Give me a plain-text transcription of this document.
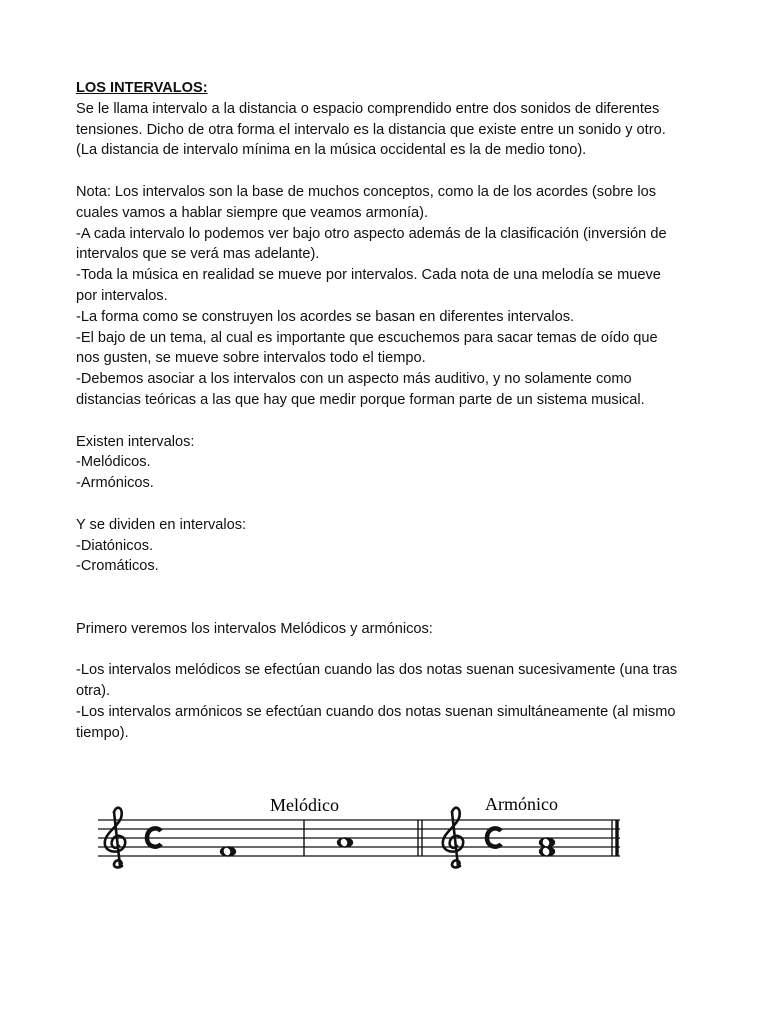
LOS INTERVALOS:
Se le llama intervalo a la distancia o espacio comprendido entre dos sonidos de diferentes
tensiones. Dicho de otra forma el intervalo es la distancia que existe entre un sonido y otro.
(La distancia de intervalo mínima en la música occidental es la de medio tono).
Nota: Los intervalos son la base de muchos conceptos, como la de los acordes (sobre los
cuales vamos a hablar siempre que veamos armonía).
-A cada intervalo lo podemos ver bajo otro aspecto además de la clasificación (inversión de
intervalos que se verá mas adelante).
-Toda la música en realidad se mueve por intervalos. Cada nota de una melodía se mueve
por intervalos.
-La forma como se construyen los acordes se basan en diferentes intervalos.
-El bajo de un tema, al cual es importante que escuchemos para sacar temas de oído que
nos gusten, se mueve sobre intervalos todo el tiempo.
-Debemos asociar a los intervalos con un aspecto más auditivo, y no solamente como
distancias teóricas a las que hay que medir porque forman parte de un sistema musical.
Existen intervalos:
-Melódicos.
-Armónicos.
Y se dividen en intervalos:
-Diatónicos.
-Cromáticos.
Primero veremos los intervalos Melódicos y armónicos:
-Los intervalos melódicos se efectúan cuando las dos notas suenan sucesivamente (una tras
otra).
-Los intervalos armónicos se efectúan cuando dos notas suenan simultáneamente (al mismo
tiempo).
Melódico	Armónico
